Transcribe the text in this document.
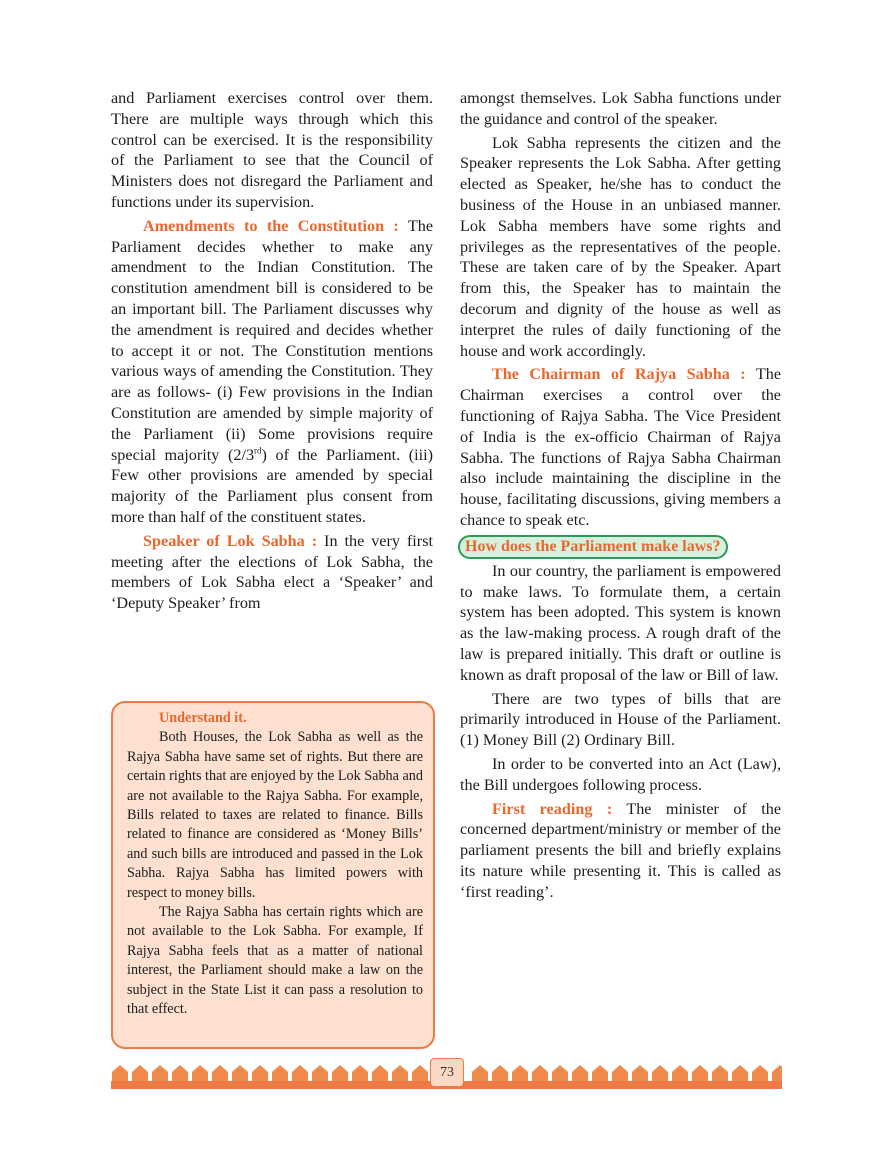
and Parliament exercises control over them. There are multiple ways through which this control can be exercised. It is the responsibility of the Parliament to see that the Council of Ministers does not disregard the Parliament and functions under its supervision.

Amendments to the Constitution : The Parliament decides whether to make any amendment to the Indian Constitution. The constitution amendment bill is considered to be an important bill. The Parliament discusses why the amendment is required and decides whether to accept it or not. The Constitution mentions various ways of amending the Constitution. They are as follows- (i) Few provisions in the Indian Constitution are amended by simple majority of the Parliament (ii) Some provisions require special majority (2/3rd) of the Parliament. (iii) Few other provisions are amended by special majority of the Parliament plus consent from more than half of the constituent states.

Speaker of Lok Sabha : In the very first meeting after the elections of Lok Sabha, the members of Lok Sabha elect a ‘Speaker’ and ‘Deputy Speaker’ from

Understand it.

Both Houses, the Lok Sabha as well as the Rajya Sabha have same set of rights. But there are certain rights that are enjoyed by the Lok Sabha and are not available to the Rajya Sabha. For example, Bills related to taxes are related to finance. Bills related to finance are considered as ‘Money Bills’ and such bills are introduced and passed in the Lok Sabha. Rajya Sabha has limited powers with respect to money bills.

The Rajya Sabha has certain rights which are not available to the Lok Sabha. For example, If Rajya Sabha feels that as a matter of national interest, the Parliament should make a law on the subject in the State List it can pass a resolution to that effect.

amongst themselves. Lok Sabha functions under the guidance and control of the speaker.

Lok Sabha represents the citizen and the Speaker represents the Lok Sabha. After getting elected as Speaker, he/she has to conduct the business of the House in an unbiased manner. Lok Sabha members have some rights and privileges as the representatives of the people. These are taken care of by the Speaker. Apart from this, the Speaker has to maintain the decorum and dignity of the house as well as interpret the rules of daily functioning of the house and work accordingly.

The Chairman of Rajya Sabha : The Chairman exercises a control over the functioning of Rajya Sabha. The Vice President of India is the ex-officio Chairman of Rajya Sabha. The functions of Rajya Sabha Chairman also include maintaining the discipline in the house, facilitating discussions, giving members a chance to speak etc.

How does the Parliament make laws?

In our country, the parliament is empowered to make laws. To formulate them, a certain system has been adopted. This system is known as the law-making process. A rough draft of the law is prepared initially. This draft or outline is known as draft proposal of the law or Bill of law.

There are two types of bills that are primarily introduced in House of the Parliament. (1) Money Bill (2) Ordinary Bill.

In order to be converted into an Act (Law), the Bill undergoes following process.

First reading : The minister of the concerned department/ministry or member of the parliament presents the bill and briefly explains its nature while presenting it. This is called as ‘first reading’.

73
